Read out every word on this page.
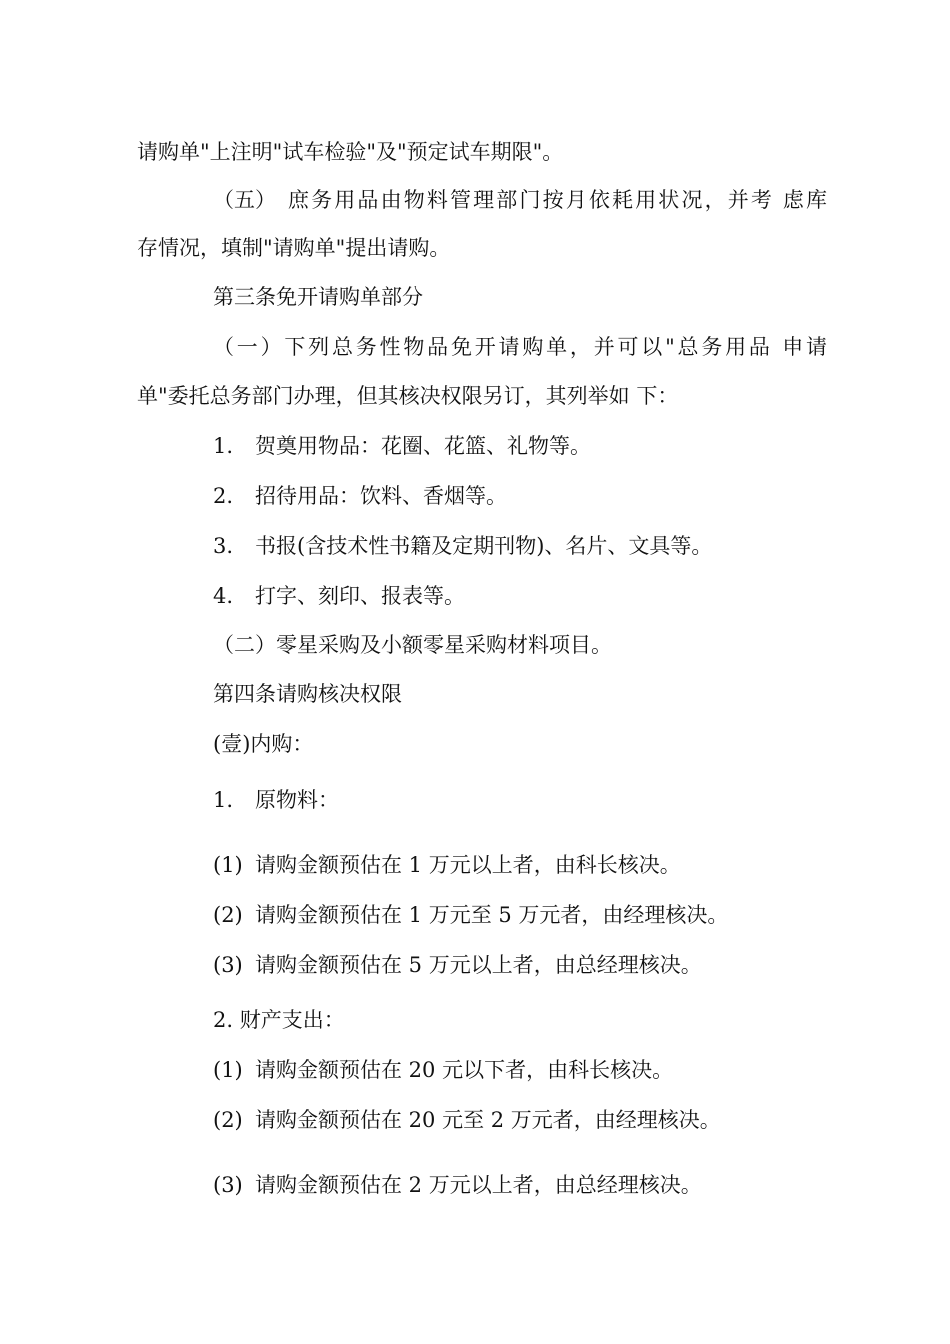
请购单"上注明"试车检验"及"预定试车期限"。
（五） 庶务用品由物料管理部门按月依耗用状况，并考 虑库
存情况，填制"请购单"提出请购。
第三条免开请购单部分
（一）下列总务性物品免开请购单，并可以"总务用品 申请
单"委托总务部门办理，但其核决权限另订，其列举如 下：
1. 贺奠用物品：花圈、花篮、礼物等。
2. 招待用品：饮料、香烟等。
3. 书报(含技术性书籍及定期刊物)、名片、文具等。
4. 打字、刻印、报表等。
（二）零星采购及小额零星采购材料项目。
第四条请购核决权限
(壹)内购：
1. 原物料：
(1) 请购金额预估在 1 万元以上者，由科长核决。
(2) 请购金额预估在 1 万元至 5 万元者，由经理核决。
(3) 请购金额预估在 5 万元以上者，由总经理核决。
2. 财产支出：
(1) 请购金额预估在 20 元以下者，由科长核决。
(2) 请购金额预估在 20 元至 2 万元者，由经理核决。
(3) 请购金额预估在 2 万元以上者，由总经理核决。
